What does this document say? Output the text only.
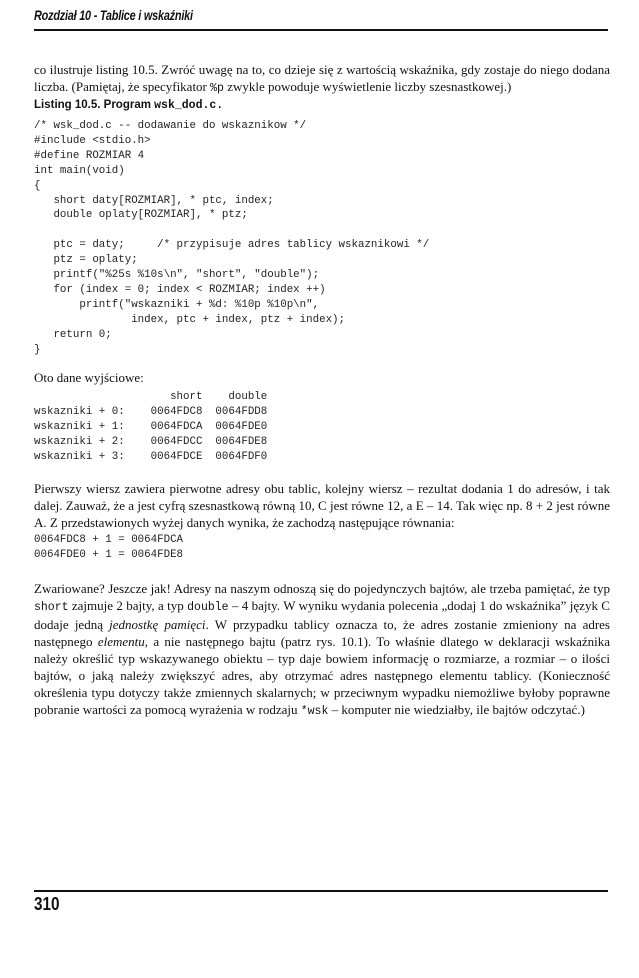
Rozdział 10 - Tablice i wskaźniki

co ilustruje listing 10.5. Zwróć uwagę na to, co dzieje się z wartością wskaźnika, gdy zostaje do niego dodana liczba. (Pamiętaj, że specyfikator %p zwykle powoduje wyświetlenie liczby szesnastkowej.)

Listing 10.5. Program wsk_dod.c.

/* wsk_dod.c -- dodawanie do wskaznikow */
#include <stdio.h>
#define ROZMIAR 4
int main(void)
{
short daty[ROZMIAR], * ptc, index;
double oplaty[ROZMIAR], * ptz;

ptc = daty;     /* przypisuje adres tablicy wskaznikowi */
ptz = oplaty;
printf("%25s %10s\n", "short", "double");
for (index = 0; index < ROZMIAR; index ++)
printf("wskazniki + %d: %10p %10p\n",
index, ptc + index, ptz + index);
return 0;
}

Oto dane wyjściowe:

short    double
wskazniki + 0:    0064FDC8  0064FDD8
wskazniki + 1:    0064FDCA  0064FDE0
wskazniki + 2:    0064FDCC  0064FDE8
wskazniki + 3:    0064FDCE  0064FDF0

Pierwszy wiersz zawiera pierwotne adresy obu tablic, kolejny wiersz – rezultat dodania 1 do adresów, i tak dalej. Zauważ, że a jest cyfrą szesnastkową równą 10, C jest równe 12, a E – 14. Tak więc np. 8 + 2 jest równe A. Z przedstawionych wyżej danych wynika, że zachodzą następujące równania:

0064FDC8 + 1 = 0064FDCA
0064FDE0 + 1 = 0064FDE8

Zwariowane? Jeszcze jak! Adresy na naszym odnoszą się do pojedynczych bajtów, ale trzeba pamiętać, że typ short zajmuje 2 bajty, a typ double – 4 bajty. W wyniku wydania polecenia „dodaj 1 do wskaźnika” język C dodaje jedną jednostkę pamięci. W przypadku tablicy oznacza to, że adres zostanie zmieniony na adres następnego elementu, a nie następnego bajtu (patrz rys. 10.1). To właśnie dlatego w deklaracji wskaźnika należy określić typ wskazywanego obiektu – typ daje bowiem informację o rozmiarze, a rozmiar – o ilości bajtów, o jaką należy zwiększyć adres, aby otrzymać adres następnego elementu tablicy. (Konieczność określenia typu dotyczy także zmiennych skalarnych; w przeciwnym wypadku niemożliwe byłoby poprawne pobranie wartości za pomocą wyrażenia w rodzaju *wsk – komputer nie wiedziałby, ile bajtów odczytać.)

310
